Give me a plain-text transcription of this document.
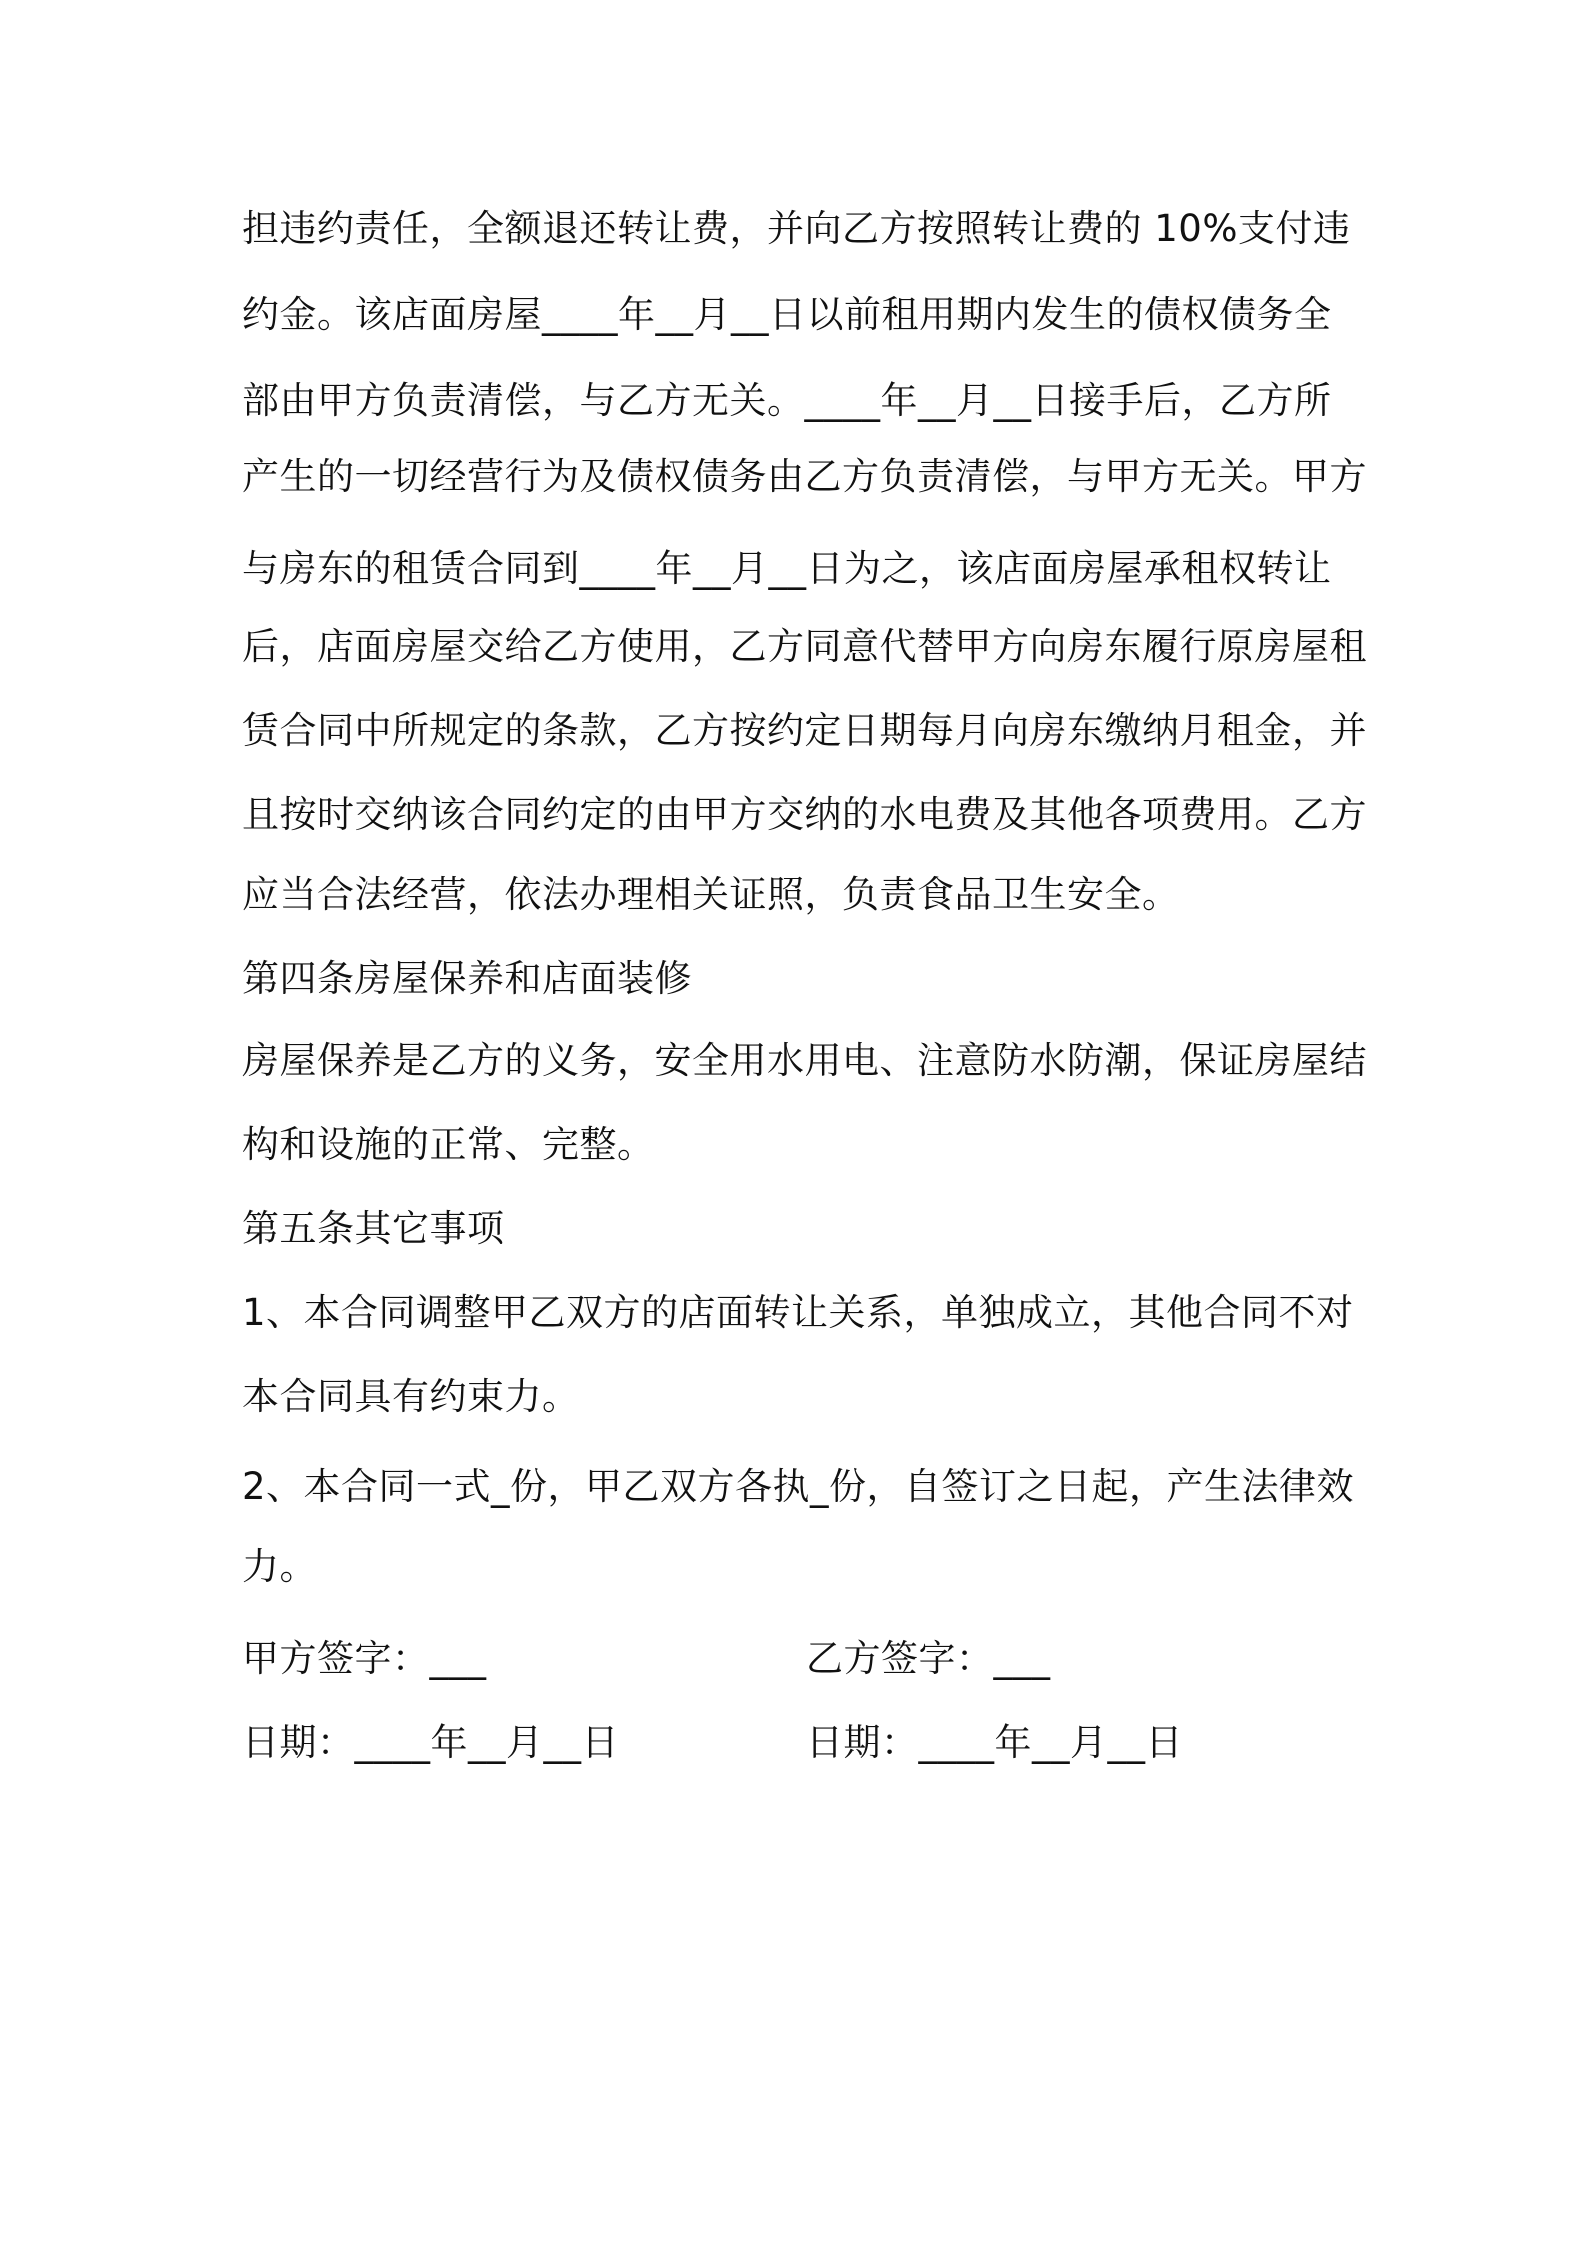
担违约责任，全额退还转让费，并向乙方按照转让费的 10%支付违
约金。该店面房屋____年__月__日以前租用期内发生的债权债务全
部由甲方负责清偿，与乙方无关。____年__月__日接手后，乙方所
产生的一切经营行为及债权债务由乙方负责清偿，与甲方无关。甲方
与房东的租赁合同到____年__月__日为之，该店面房屋承租权转让
后，店面房屋交给乙方使用，乙方同意代替甲方向房东履行原房屋租
赁合同中所规定的条款，乙方按约定日期每月向房东缴纳月租金，并
且按时交纳该合同约定的由甲方交纳的水电费及其他各项费用。乙方
应当合法经营，依法办理相关证照，负责食品卫生安全。
第四条房屋保养和店面装修
房屋保养是乙方的义务，安全用水用电、注意防水防潮，保证房屋结
构和设施的正常、完整。
第五条其它事项
1、本合同调整甲乙双方的店面转让关系，单独成立，其他合同不对
本合同具有约束力。
2、本合同一式_份，甲乙双方各执_份，自签订之日起，产生法律效
力。
甲方签字：___	乙方签字：___
日期：____年__月__日	日期：____年__月__日
